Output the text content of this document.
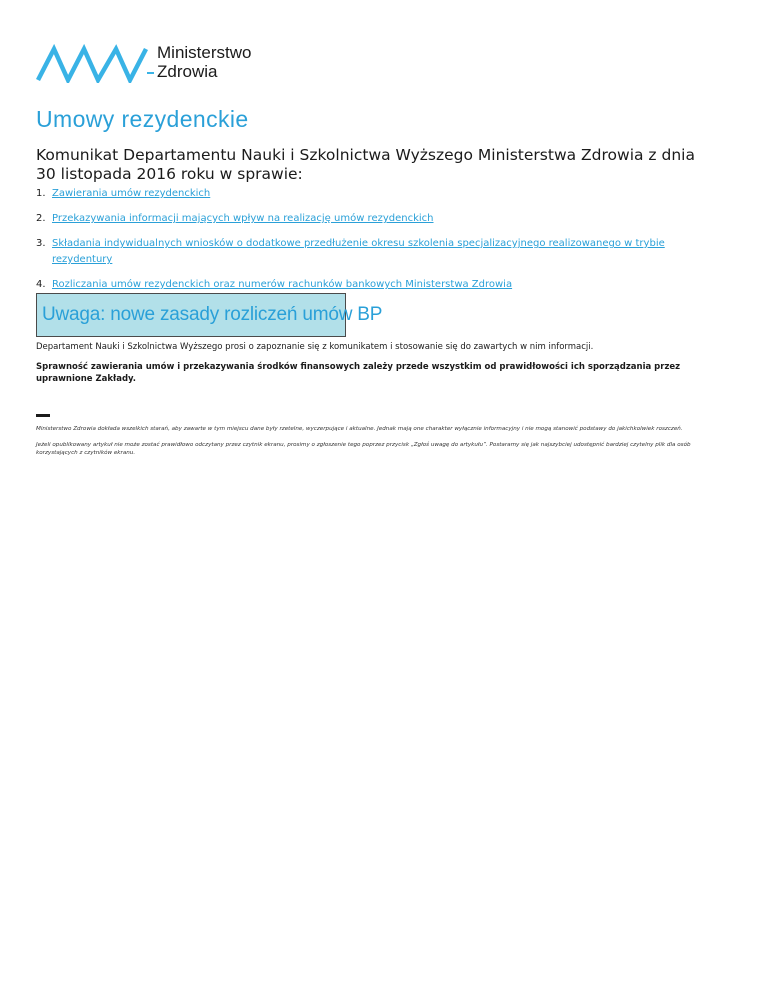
Ministerstwo
Zdrowia
Umowy rezydenckie
Komunikat Departamentu Nauki i Szkolnictwa Wyższego Ministerstwa Zdrowia z dnia 30 listopada 2016 roku w sprawie:
1. Zawierania umów rezydenckich
2. Przekazywania informacji mających wpływ na realizację umów rezydenckich
3. Składania indywidualnych wniosków o dodatkowe przedłużenie okresu szkolenia specjalizacyjnego realizowanego w trybie rezydentury
4. Rozliczania umów rezydenckich oraz numerów rachunków bankowych Ministerstwa Zdrowia
Uwaga: nowe zasady rozliczeń umów BP

Departament Nauki i Szkolnictwa Wyższego prosi o zapoznanie się z komunikatem i stosowanie się do zawartych w nim informacji.

Sprawność zawierania umów i przekazywania środków finansowych zależy przede wszystkim od prawidłowości ich sporządzania przez uprawnione Zakłady.

Ministerstwo Zdrowia dokłada wszelkich starań, aby zawarte w tym miejscu dane były rzetelne, wyczerpujące i aktualne. Jednak mają one charakter wyłącznie informacyjny i nie mogą stanowić podstawy do jakichkolwiek roszczeń.

Jeżeli opublikowany artykuł nie może zostać prawidłowo odczytany przez czytnik ekranu, prosimy o zgłoszenie tego poprzez przycisk „Zgłoś uwagę do artykułu”. Postaramy się jak najszybciej udostępnić bardziej czytelny plik dla osób korzystających z czytników ekranu.
